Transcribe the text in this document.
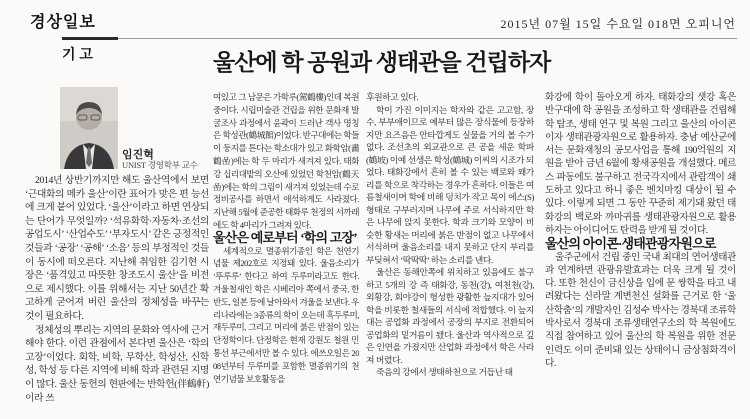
경상일보	2015년 07월 15일 수요일 018면 오피니언
기 고
임진혁
UNIST 경영학부 교수
울산에 학 공원과 생태관을 건립하자

2014년 상반기까지만 해도 울산역에서 보면 ‘근대화의 메카 울산’이란 표어가 맞은 편 능선에 크게 붙어 있었다. ‘울산’이라고 하면 연상되는 단어가 무엇일까? ‘석유화학·자동차·조선의 공업도시’ ‘산업수도’ ‘부자도시’ 같은 긍정적인 것들과 ‘공장’ ‘공해’ ‘소음’ 등의 부정적인 것들이 동시에 떠오른다. 지난해 취임한 김기현 시장은 ‘품격있고 따뜻한 창조도시 울산’을 비전으로 제시했다. 이를 위해서는 지난 50년간 확고하게 굳어져 버린 울산의 정체성을 바꾸는 것이 필요하다.

정체성의 뿌리는 지역의 문화와 역사에 근거해야 한다. 이런 관점에서 본다면 울산은 ‘학의 고장’이었다. 회학, 비학, 무학산, 학성산, 신학성, 학성 등 다른 지역에 비해 학과 관련된 지명이 많다. 울산 동헌의 현판에는 반학헌(伴鶴軒)이라 쓰

여있고 그 남문은 가학루(駕鶴樓)인데 복원 중이다. 시립미술관 건립을 위한 문화재 발굴조사 과정에서 윤곽이 드러난 객사 명칭은 학성관(鶴城館)이었다. 반구대에는 학들이 둥지를 튼다는 학소대가 있고 화학암(畵鶴嵒)에는 학 두 마리가 새겨져 있다. 태화강 십리대밭의 오산에 있었던 학천암(鶴天嵒)에는 학의 그림이 새겨져 있었는데 수로 정비공사를 하면서 애석하게도 사라졌다. 지난해 5월에 준공한 태화루 천정의 서까래에도 학 4마리가 그려져 있다.

울산은 예로부터 ‘학의 고장’

세계적으로 멸종위기종인 학은 천연기념물 제202호로 지정돼 있다. 울음소리가 ‘뚜루루’ 한다고 하여 두루미라고도 한다. 겨울철새인 학은 시베리아 쪽에서 중국, 한반도, 일본 등에 날아와서 겨울을 보낸다. 우리나라에는 3종류의 학이 오는데 흑두루미, 재두루미, 그리고 머리에 붉은 반점이 있는 단정학이다. 단정학은 현재 강원도 철원 민통선 부근에서만 볼 수 있다. 에쓰오일은 2008년부터 두루미를 포함한 멸종위기의 천연기념물 보호활동을

후원하고 있다.

학이 가진 이미지는 학자와 같은 고고함, 장수, 부부애이므로 예부터 많은 장식물에 등장하지만 요즈음은 안타깝게도 실물을 거의 볼 수가 없다. 조선초의 외교관으로 큰 공을 세운 학파(鶴坡) 이예 선생은 학성(鶴城) 이씨의 시조가 되었다. 태화강에서 흔히 볼 수 있는 백로와 왜가리를 학으로 착각하는 경우가 흔하다. 이들은 여름철새이며 학에 비해 덩치가 작고 목이 에스(S)형태로 구부러지며 나무에 주로 서식하지만 학은 나무에 앉지 못한다. 학과 크기와 모양이 비슷한 황새는 머리에 붉은 반점이 없고 나무에서 서식하며 울음소리를 내지 못하고 단지 부리를 부딪혀서 ‘딱딱딱’ 하는 소리를 낸다.

울산은 동해안쪽에 위치하고 있음에도 불구하고 5개의 강 즉 태화강, 동천(강), 여천천(강), 외황강, 회야강이 형성한 광활한 늪지대가 있어 학을 비롯한 철새들의 서식에 적합했다. 이 늪지대는 공업화 과정에서 공장의 부지로 전환되어 공업화의 밑거름이 됐다. 울산과 역사적으로 깊은 인연을 가졌지만 산업화 과정에서 학은 사라져 버렸다.

죽음의 강에서 생태하천으로 거듭난 태

화강에 학이 돌아오게 하자. 태화강의 샛강 혹은 반구대에 학 공원을 조성하고 학 생태관을 건립해 학 탐조, 생태 연구 및 복원 그리고 울산의 아이콘이자 생태관광자원으로 활용하자. 충남 예산군에서는 문화재청의 공모사업을 통해 190억원의 지원을 받아 금년 6월에 황새공원을 개설했다. 메르스 파동에도 불구하고 전국각지에서 관람객이 쇄도하고 있다고 하니 좋은 벤치마킹 대상이 될 수 있다. 이렇게 되면 그 동안 꾸준히 제기돼 왔던 태화강의 백로와 까마귀를 생태관광자원으로 활용하자는 아이디어도 탄력을 받게 될 것이다.

울산의 아이콘·생태관광자원으로

울주군에서 건립 중인 국내 최대의 연어생태관과 연계하면 관광유발효과는 더욱 크게 될 것이다. 또한 천신이 금신상을 입에 문 쌍학을 타고 내려왔다는 신라말 계변천신 설화를 근거로 한 ‘울산학춤’의 개발자인 김성수 박사는 경북대 조류학 박사로서 경북대 조류생태연구소의 학 복원에도 직접 참여하고 있어 울산의 학 복원을 위한 전문인력도 이미 준비돼 있는 상태이니 금상첨화격이다.
